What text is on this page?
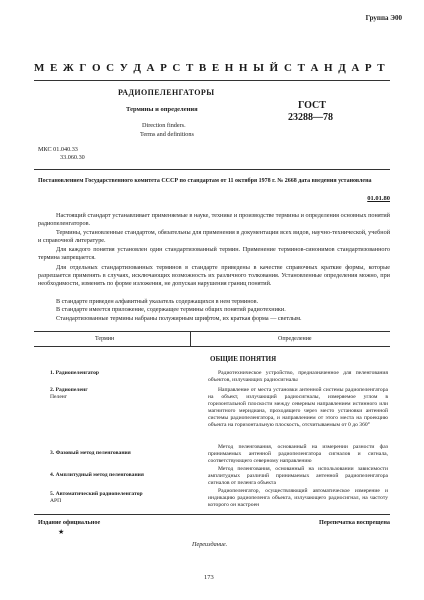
Группа Э00
М Е Ж Г О С У Д А Р С Т В Е Н Н Ы Й С Т А Н Д А Р Т
РАДИОПЕЛЕНГАТОРЫ
Термины и определения
Direction finders.
Terms and definitions
ГОСТ
23288—78
МКС 01.040.33
33.060.30
Постановлением Государственного комитета СССР по стандартам от 11 октября 1978 г. № 2668 дата введения установлена
01.01.80
Настоящий стандарт устанавливает применяемые в науке, технике и производстве термины и определения основных понятий радиопеленгаторов.
Термины, установленные стандартом, обязательны для применения в документации всех видов, научно-технической, учебной и справочной литературе.
Для каждого понятия установлен один стандартизованный термин. Применение терминов-синонимов стандартизованного термина запрещается.
Для отдельных стандартизованных терминов в стандарте приведены в качестве справочных краткие формы, которые разрешается применять в случаях, исключающих возможность их различного толкования. Установленные определения можно, при необходимости, изменять по форме изложения, не допуская нарушения границ понятий.
В стандарте приведен алфавитный указатель содержащихся в нем терминов.
В стандарте имеется приложение, содержащее термины общих понятий радиотехники.
Стандартизованные термины набраны полужирным шрифтом, их краткая форма — светлым.
Термин	Определение
ОБЩИЕ ПОНЯТИЯ
1. Радиопеленгатор	Радиотехническое устройство, предназначенное для пеленгования объектов, излучающих радиосигналы
2. Радиопеленг
Пеленг
Направление от места установки антенной системы радиопеленгатора на объект, излучающий радиосигналы, измеряемое углом в горизонтальной плоскости между северным направлением истинного или магнитного меридиана, проходящего через место установки антенной системы радиопеленгатора, и направлением от этого места на проекцию объекта на горизонтальную плоскость, отсчитываемым от 0 до 360°
3. Фазовый метод пеленгования
Метод пеленгования, основанный на измерении разности фаз принимаемых антенной радиопеленгатора сигналов и сигнала, соответствующего северному направлению
4. Амплитудный метод пеленгования
Метод пеленгования, основанный на использовании зависимости амплитудных различий принимаемых антенной радиопеленгатора сигналов от пеленга объекта
5. Автоматический радиопеленгатор
АРП
Радиопеленгатор, осуществляющий автоматическое измерение и индикацию радиопеленга объекта, излучающего радиосигнал, на частоту которого он настроен
Издание официальное
★
Перепечатка воспрещена
Переиздание.
173
